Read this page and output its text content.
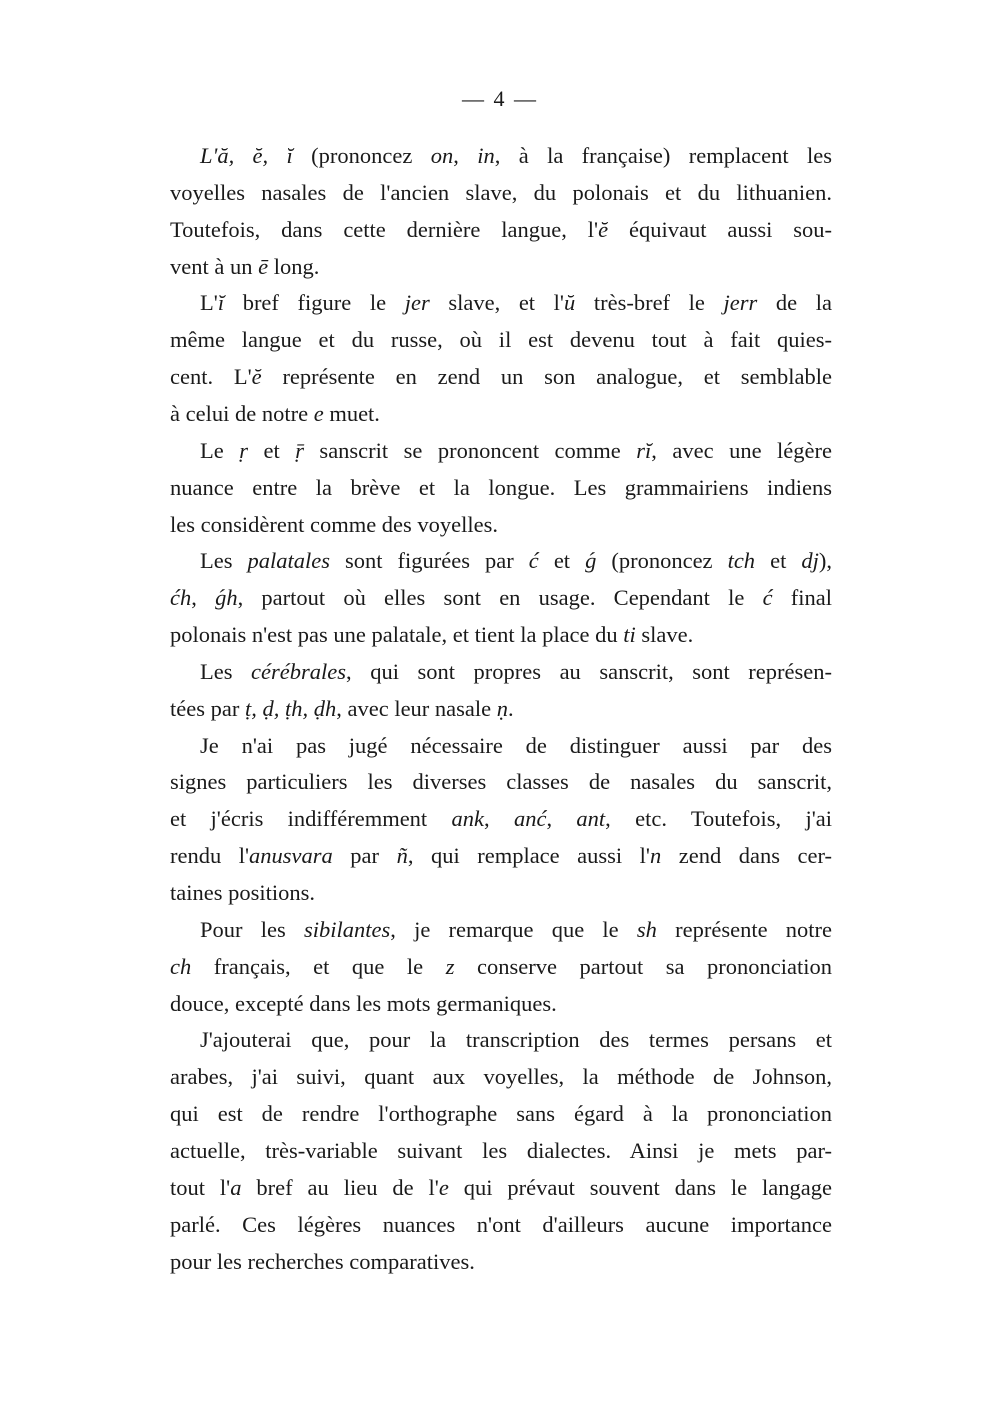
— 4 —
L'ă, ĕ, ĭ (prononcez on, in, à la française) remplacent les
voyelles nasales de l'ancien slave, du polonais et du lithuanien.
Toutefois, dans cette dernière langue, l'ĕ équivaut aussi sou-
vent à un ē long.
L'ĭ bref figure le jer slave, et l'ŭ très-bref le jerr de la
même langue et du russe, où il est devenu tout à fait quies-
cent. L'ĕ représente en zend un son analogue, et semblable
à celui de notre e muet.
Le ṛ et ṝ sanscrit se prononcent comme rĭ, avec une légère
nuance entre la brève et la longue. Les grammairiens indiens
les considèrent comme des voyelles.
Les palatales sont figurées par ć et ǵ (prononcez tch et dj),
ćh, ǵh, partout où elles sont en usage. Cependant le ć final
polonais n'est pas une palatale, et tient la place du ti slave.
Les cérébrales, qui sont propres au sanscrit, sont représen-
tées par ṭ, ḍ, ṭh, ḍh, avec leur nasale ṇ.
Je n'ai pas jugé nécessaire de distinguer aussi par des
signes particuliers les diverses classes de nasales du sanscrit,
et j'écris indifféremment ank, anć, ant, etc. Toutefois, j'ai
rendu l'anusvara par ñ, qui remplace aussi l'n zend dans cer-
taines positions.
Pour les sibilantes, je remarque que le sh représente notre
ch français, et que le z conserve partout sa prononciation
douce, excepté dans les mots germaniques.
J'ajouterai que, pour la transcription des termes persans et
arabes, j'ai suivi, quant aux voyelles, la méthode de Johnson,
qui est de rendre l'orthographe sans égard à la prononciation
actuelle, très-variable suivant les dialectes. Ainsi je mets par-
tout l'a bref au lieu de l'e qui prévaut souvent dans le langage
parlé. Ces légères nuances n'ont d'ailleurs aucune importance
pour les recherches comparatives.
